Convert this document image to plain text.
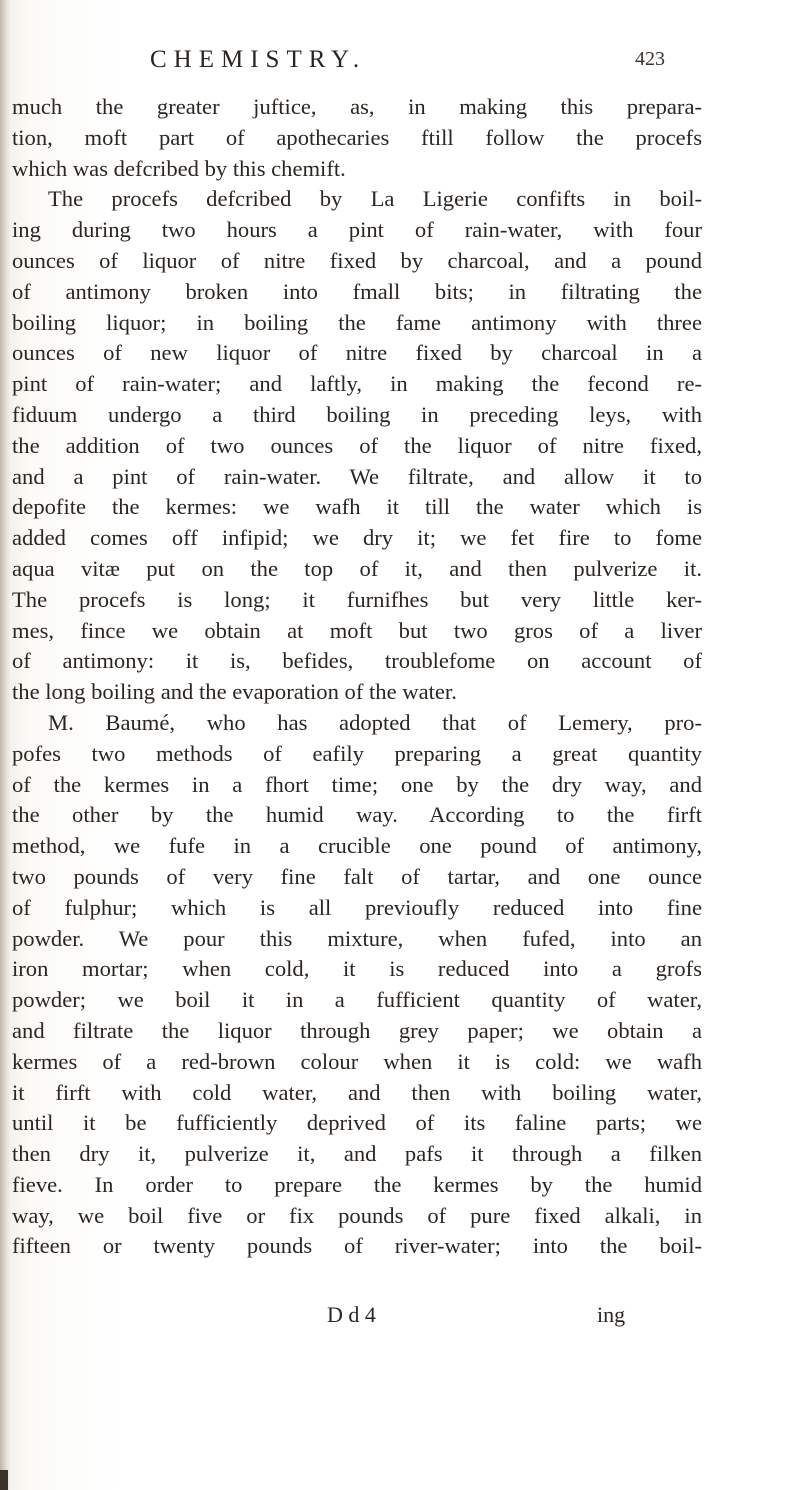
CHEMISTRY.	423
much the greater juftice, as, in making this prepara-
tion, moft part of apothecaries ftill follow the procefs
which was defcribed by this chemift.
The procefs defcribed by La Ligerie confifts in boil-
ing during two hours a pint of rain-water, with four
ounces of liquor of nitre fixed by charcoal, and a pound
of antimony broken into fmall bits; in filtrating the
boiling liquor; in boiling the fame antimony with three
ounces of new liquor of nitre fixed by charcoal in a
pint of rain-water; and laftly, in making the fecond re-
fiduum undergo a third boiling in preceding leys, with
the addition of two ounces of the liquor of nitre fixed,
and a pint of rain-water. We filtrate, and allow it to
depofite the kermes: we wafh it till the water which is
added comes off infipid; we dry it; we fet fire to fome
aqua vitæ put on the top of it, and then pulverize it.
The procefs is long; it furnifhes but very little ker-
mes, fince we obtain at moft but two gros of a liver
of antimony: it is, befides, troublefome on account of
the long boiling and the evaporation of the water.
M. Baumé, who has adopted that of Lemery, pro-
pofes two methods of eafily preparing a great quantity
of the kermes in a fhort time; one by the dry way, and
the other by the humid way. According to the firft
method, we fufe in a crucible one pound of antimony,
two pounds of very fine falt of tartar, and one ounce
of fulphur; which is all previoufly reduced into fine
powder. We pour this mixture, when fufed, into an
iron mortar; when cold, it is reduced into a grofs
powder; we boil it in a fufficient quantity of water,
and filtrate the liquor through grey paper; we obtain a
kermes of a red-brown colour when it is cold: we wafh
it firft with cold water, and then with boiling water,
until it be fufficiently deprived of its faline parts; we
then dry it, pulverize it, and pafs it through a filken
fieve. In order to prepare the kermes by the humid
way, we boil five or fix pounds of pure fixed alkali, in
fifteen or twenty pounds of river-water; into the boil-
D d 4	ing
